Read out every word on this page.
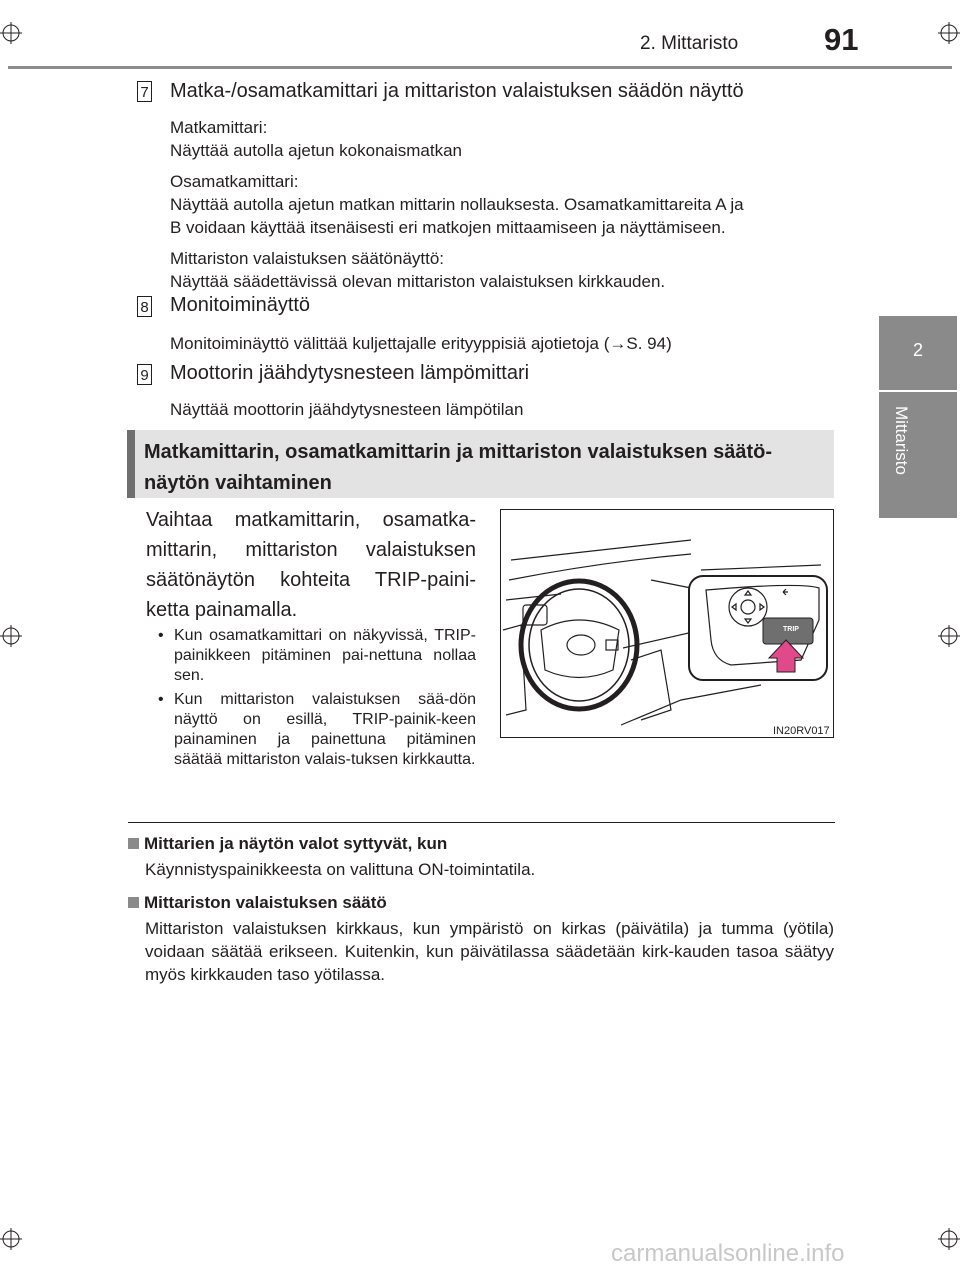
2. Mittaristo	91
2
Mittaristo
7 Matka-/osamatkamittari ja mittariston valaistuksen säädön näyttö
Matkamittari:
Näyttää autolla ajetun kokonaismatkan
Osamatkamittari:
Näyttää autolla ajetun matkan mittarin nollauksesta. Osamatkamittareita A ja
B voidaan käyttää itsenäisesti eri matkojen mittaamiseen ja näyttämiseen.
Mittariston valaistuksen säätönäyttö:
Näyttää säädettävissä olevan mittariston valaistuksen kirkkauden.
8 Monitoiminäyttö
Monitoiminäyttö välittää kuljettajalle erityyppisiä ajotietoja (→S. 94)
9 Moottorin jäähdytysnesteen lämpömittari
Näyttää moottorin jäähdytysnesteen lämpötilan
Matkamittarin, osamatkamittarin ja mittariston valaistuksen säätö-
näytön vaihtaminen
Vaihtaa matkamittarin, osamatka-mittarin, mittariston valaistuksen säätönäytön kohteita TRIP-paini-ketta painamalla.
• Kun osamatkamittari on näkyvissä, TRIP-painikkeen pitäminen pai-nettuna nollaa sen.
• Kun mittariston valaistuksen sää-dön näyttö on esillä, TRIP-painik-keen painaminen ja painettuna pitäminen säätää mittariston valais-tuksen kirkkautta.
TRIP
IN20RV017
Mittarien ja näytön valot syttyvät, kun
Käynnistyspainikkeesta on valittuna ON-toimintatila.
Mittariston valaistuksen säätö
Mittariston valaistuksen kirkkaus, kun ympäristö on kirkas (päivätila) ja tumma (yötila) voidaan säätää erikseen. Kuitenkin, kun päivätilassa säädetään kirk-kauden tasoa säätyy myös kirkkauden taso yötilassa.
carmanualsonline.info
